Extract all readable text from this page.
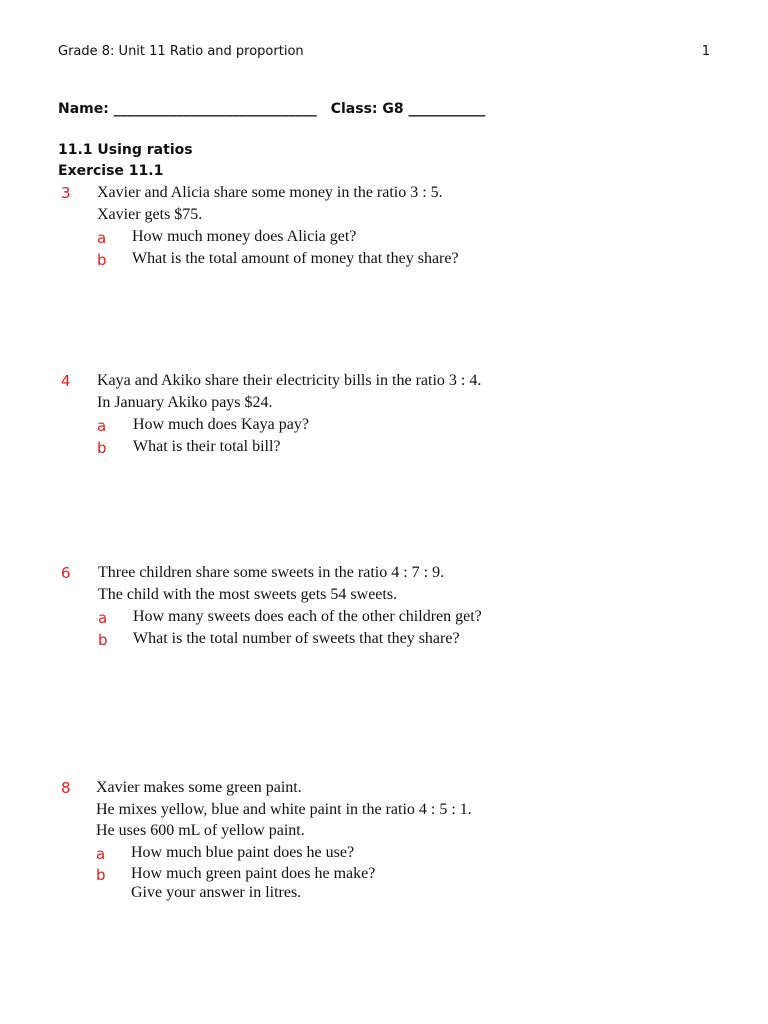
Grade 8: Unit 11 Ratio and proportion	1
Name: _____________________________ Class: G8 ___________
11.1 Using ratios
Exercise 11.1
3 Xavier and Alicia share some money in the ratio 3 : 5.
Xavier gets $75.
a How much money does Alicia get?
b What is the total amount of money that they share?
4 Kaya and Akiko share their electricity bills in the ratio 3 : 4.
In January Akiko pays $24.
a How much does Kaya pay?
b What is their total bill?
6 Three children share some sweets in the ratio 4 : 7 : 9.
The child with the most sweets gets 54 sweets.
a How many sweets does each of the other children get?
b What is the total number of sweets that they share?
8 Xavier makes some green paint.
He mixes yellow, blue and white paint in the ratio 4 : 5 : 1.
He uses 600 mL of yellow paint.
a How much blue paint does he use?
b How much green paint does he make?
Give your answer in litres.
